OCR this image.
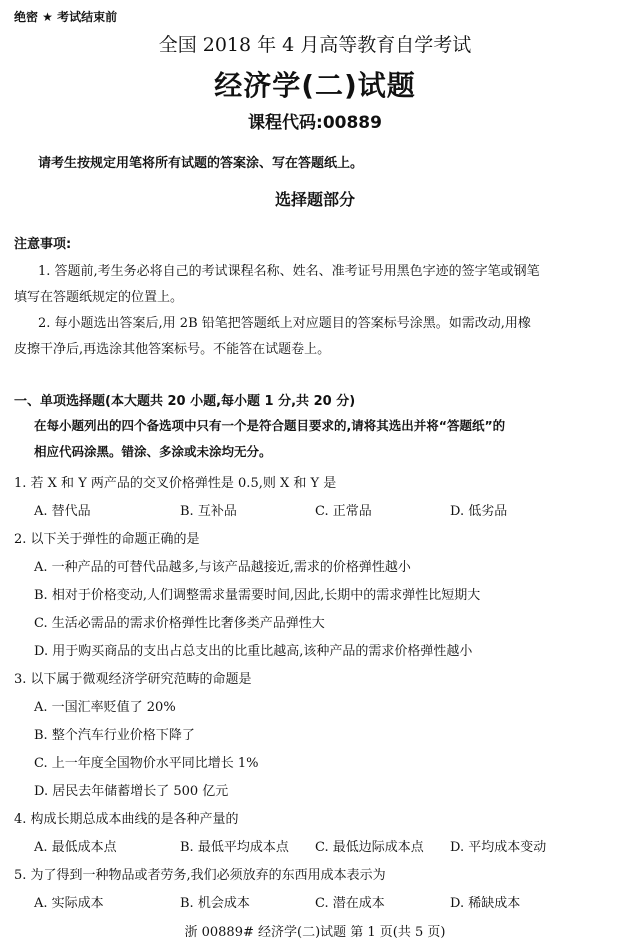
绝密 ★ 考试结束前
全国 2018 年 4 月高等教育自学考试
经济学(二)试题
课程代码:00889
请考生按规定用笔将所有试题的答案涂、写在答题纸上。
选择题部分
注意事项:
1. 答题前,考生务必将自己的考试课程名称、姓名、准考证号用黑色字迹的签字笔或钢笔
填写在答题纸规定的位置上。
2. 每小题选出答案后,用 2B 铅笔把答题纸上对应题目的答案标号涂黑。如需改动,用橡
皮擦干净后,再选涂其他答案标号。不能答在试题卷上。
一、单项选择题(本大题共 20 小题,每小题 1 分,共 20 分)
在每小题列出的四个备选项中只有一个是符合题目要求的,请将其选出并将“答题纸”的
相应代码涂黑。错涂、多涂或未涂均无分。
1. 若 X 和 Y 两产品的交叉价格弹性是 0.5,则 X 和 Y 是
A. 替代品	B. 互补品	C. 正常品	D. 低劣品
2. 以下关于弹性的命题正确的是
A. 一种产品的可替代品越多,与该产品越接近,需求的价格弹性越小
B. 相对于价格变动,人们调整需求量需要时间,因此,长期中的需求弹性比短期大
C. 生活必需品的需求价格弹性比奢侈类产品弹性大
D. 用于购买商品的支出占总支出的比重比越高,该种产品的需求价格弹性越小
3. 以下属于微观经济学研究范畴的命题是
A. 一国汇率贬值了 20%
B. 整个汽车行业价格下降了
C. 上一年度全国物价水平同比增长 1%
D. 居民去年储蓄增长了 500 亿元
4. 构成长期总成本曲线的是各种产量的
A. 最低成本点	B. 最低平均成本点 C. 最低边际成本点 D. 平均成本变动
5. 为了得到一种物品或者劳务,我们必须放弃的东西用成本表示为
A. 实际成本	B. 机会成本	C. 潜在成本	D. 稀缺成本
浙 00889# 经济学(二)试题 第 1 页(共 5 页)
